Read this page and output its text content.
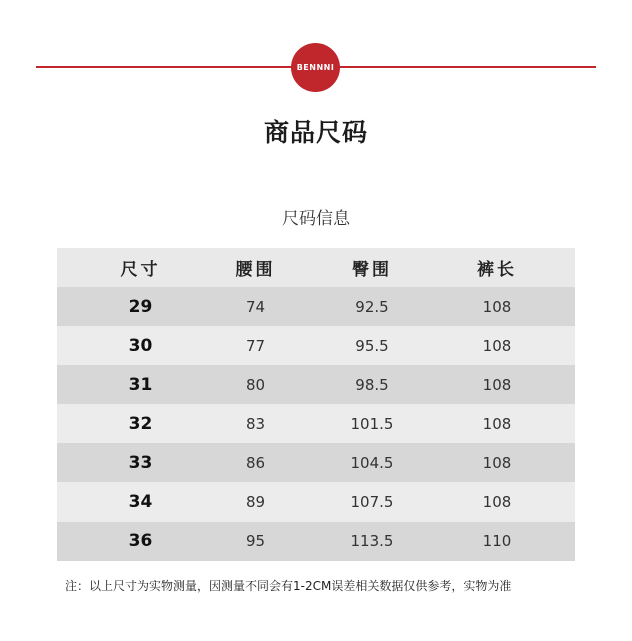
BENNNI
商品尺码
尺码信息
尺寸	腰围	臀围	裤长
29	74	92.5	108
30	77	95.5	108
31	80	98.5	108
32	83	101.5	108
33	86	104.5	108
34	89	107.5	108
36	95	113.5	110
注：以上尺寸为实物测量，因测量不同会有1-2CM误差相关数据仅供参考，实物为准
